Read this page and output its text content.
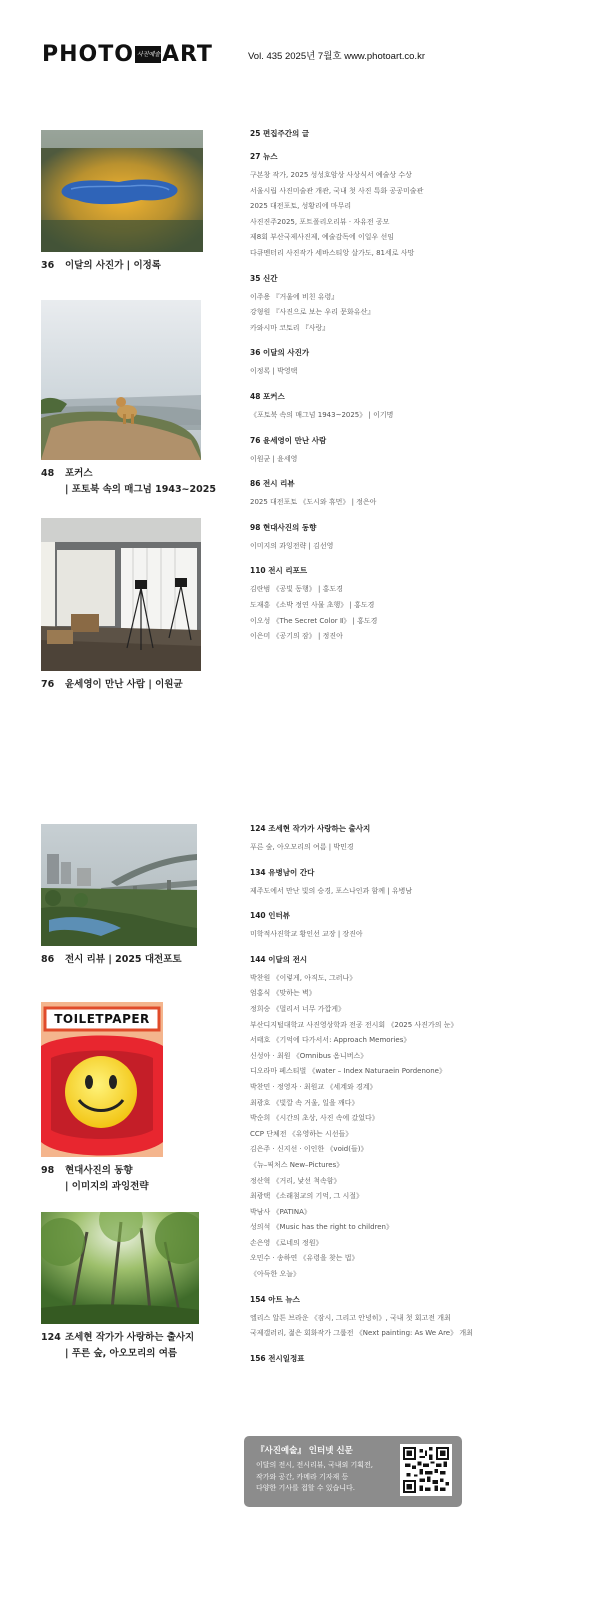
PHOTO 사진예술 ART	Vol. 435 2025년 7월호 www.photoart.co.kr
36 이달의 사진가 | 이정록
48 포커스
| 포토북 속의 매그넘 1943~2025
76 윤세영이 만난 사람 | 이원균
86 전시 리뷰 | 2025 대전포토
TOILETPAPER
98 현대사진의 동향
| 이미지의 과잉전략
124 조세현 작가가 사랑하는 출사지
| 푸른 숲, 아오모리의 여름
25 편집주간의 글
27 뉴스
구본창 작가, 2025 성성호암상 사상식서 예술상 수상
서울시립 사진미술관 개관, 국내 첫 사진 특화 공공미술관
2025 대전포토, 성황리에 마무리
사진진주2025, 포트폴리오리뷰 · 자유전 공모
제8회 부산국제사진제, 예술감독에 이일우 선임
다큐멘터리 사진작가 세바스티앙 살가도, 81세로 사망
35 신간
이주용 『거울에 비친 유령』
강형원 『사진으로 보는 우리 문화유산』
카와시마 코토리 『사랑』
36 이달의 사진가
이정록 | 박영택
48 포커스
《포토북 속의 매그넘 1943~2025》 | 이기명
76 윤세영이 만난 사람
이원균 | 윤세영
86 전시 리뷰
2025 대전포토 《도시와 휴먼》 | 정은아
98 현대사진의 동향
이미지의 과잉전략 | 김선영
110 전시 리포트
김란범 《공빛 동행》 | 홍도경
도재흥 《소박 정연 사물 초행》 | 홍도경
이오성 《The Secret Color Ⅱ》 | 홍도경
이은미 《공기의 잠》 | 정진아
124 조세현 작가가 사랑하는 출사지
푸른 숲, 아오모리의 여름 | 박민경
134 유병남이 간다
제주도에서 만난 빛의 승경, 포스나인과 함께 | 유병남
140 인터뷰
미학적사진학교 황인선 교장 | 장진아
144 이달의 전시
박찬원 《이렇게, 아직도, 그러나》
엄홍식 《맞하는 벽》
정희승 《멀리서 너무 가깝게》
부산디지털대학교 사진영상학과 전공 전시회 《2025 사진가의 눈》
서태호 《기억에 다가서서: Approach Memories》
신성아 · 최원 《Omnibus 옴니버스》
디오라마 페스티벌 《water – Index Naturaein Pordenone》
박찬민 · 정영자 · 최원교 《세계와 경계》
최광호 《빛깔 속 거울, 일을 깨다》
박순희 《시간의 초상, 사진 속에 갔었다》
CCP 단체전 《유영하는 시선들》
김은주 · 신지선 · 이인한 《void(들)》
《뉴–픽처스 New–Pictures》
정산혁 《거리, 낯선 척속함》
최광택 《소래첨교의 기억, 그 시절》
박남사 《PATINA》
성의석 《Music has the right to children》
손은영 《로네의 정원》
오민수 · 송하연 《유령을 찾는 법》
《아득한 오늘》
154 아트 뉴스
엘리스 알튼 브라운 《잠시, 그리고 안녕히》, 국내 첫 회고전 개최
국제갤러리, 젊은 회화작가 그룹전 《Next painting: As We Are》 개최
156 전시일정표
『사진예술』 인터넷 신문
이달의 전시, 전시리뷰, 국내외 기획전,
작가와 공간, 카메라 기자재 등
다양한 기사를 접할 수 있습니다.
